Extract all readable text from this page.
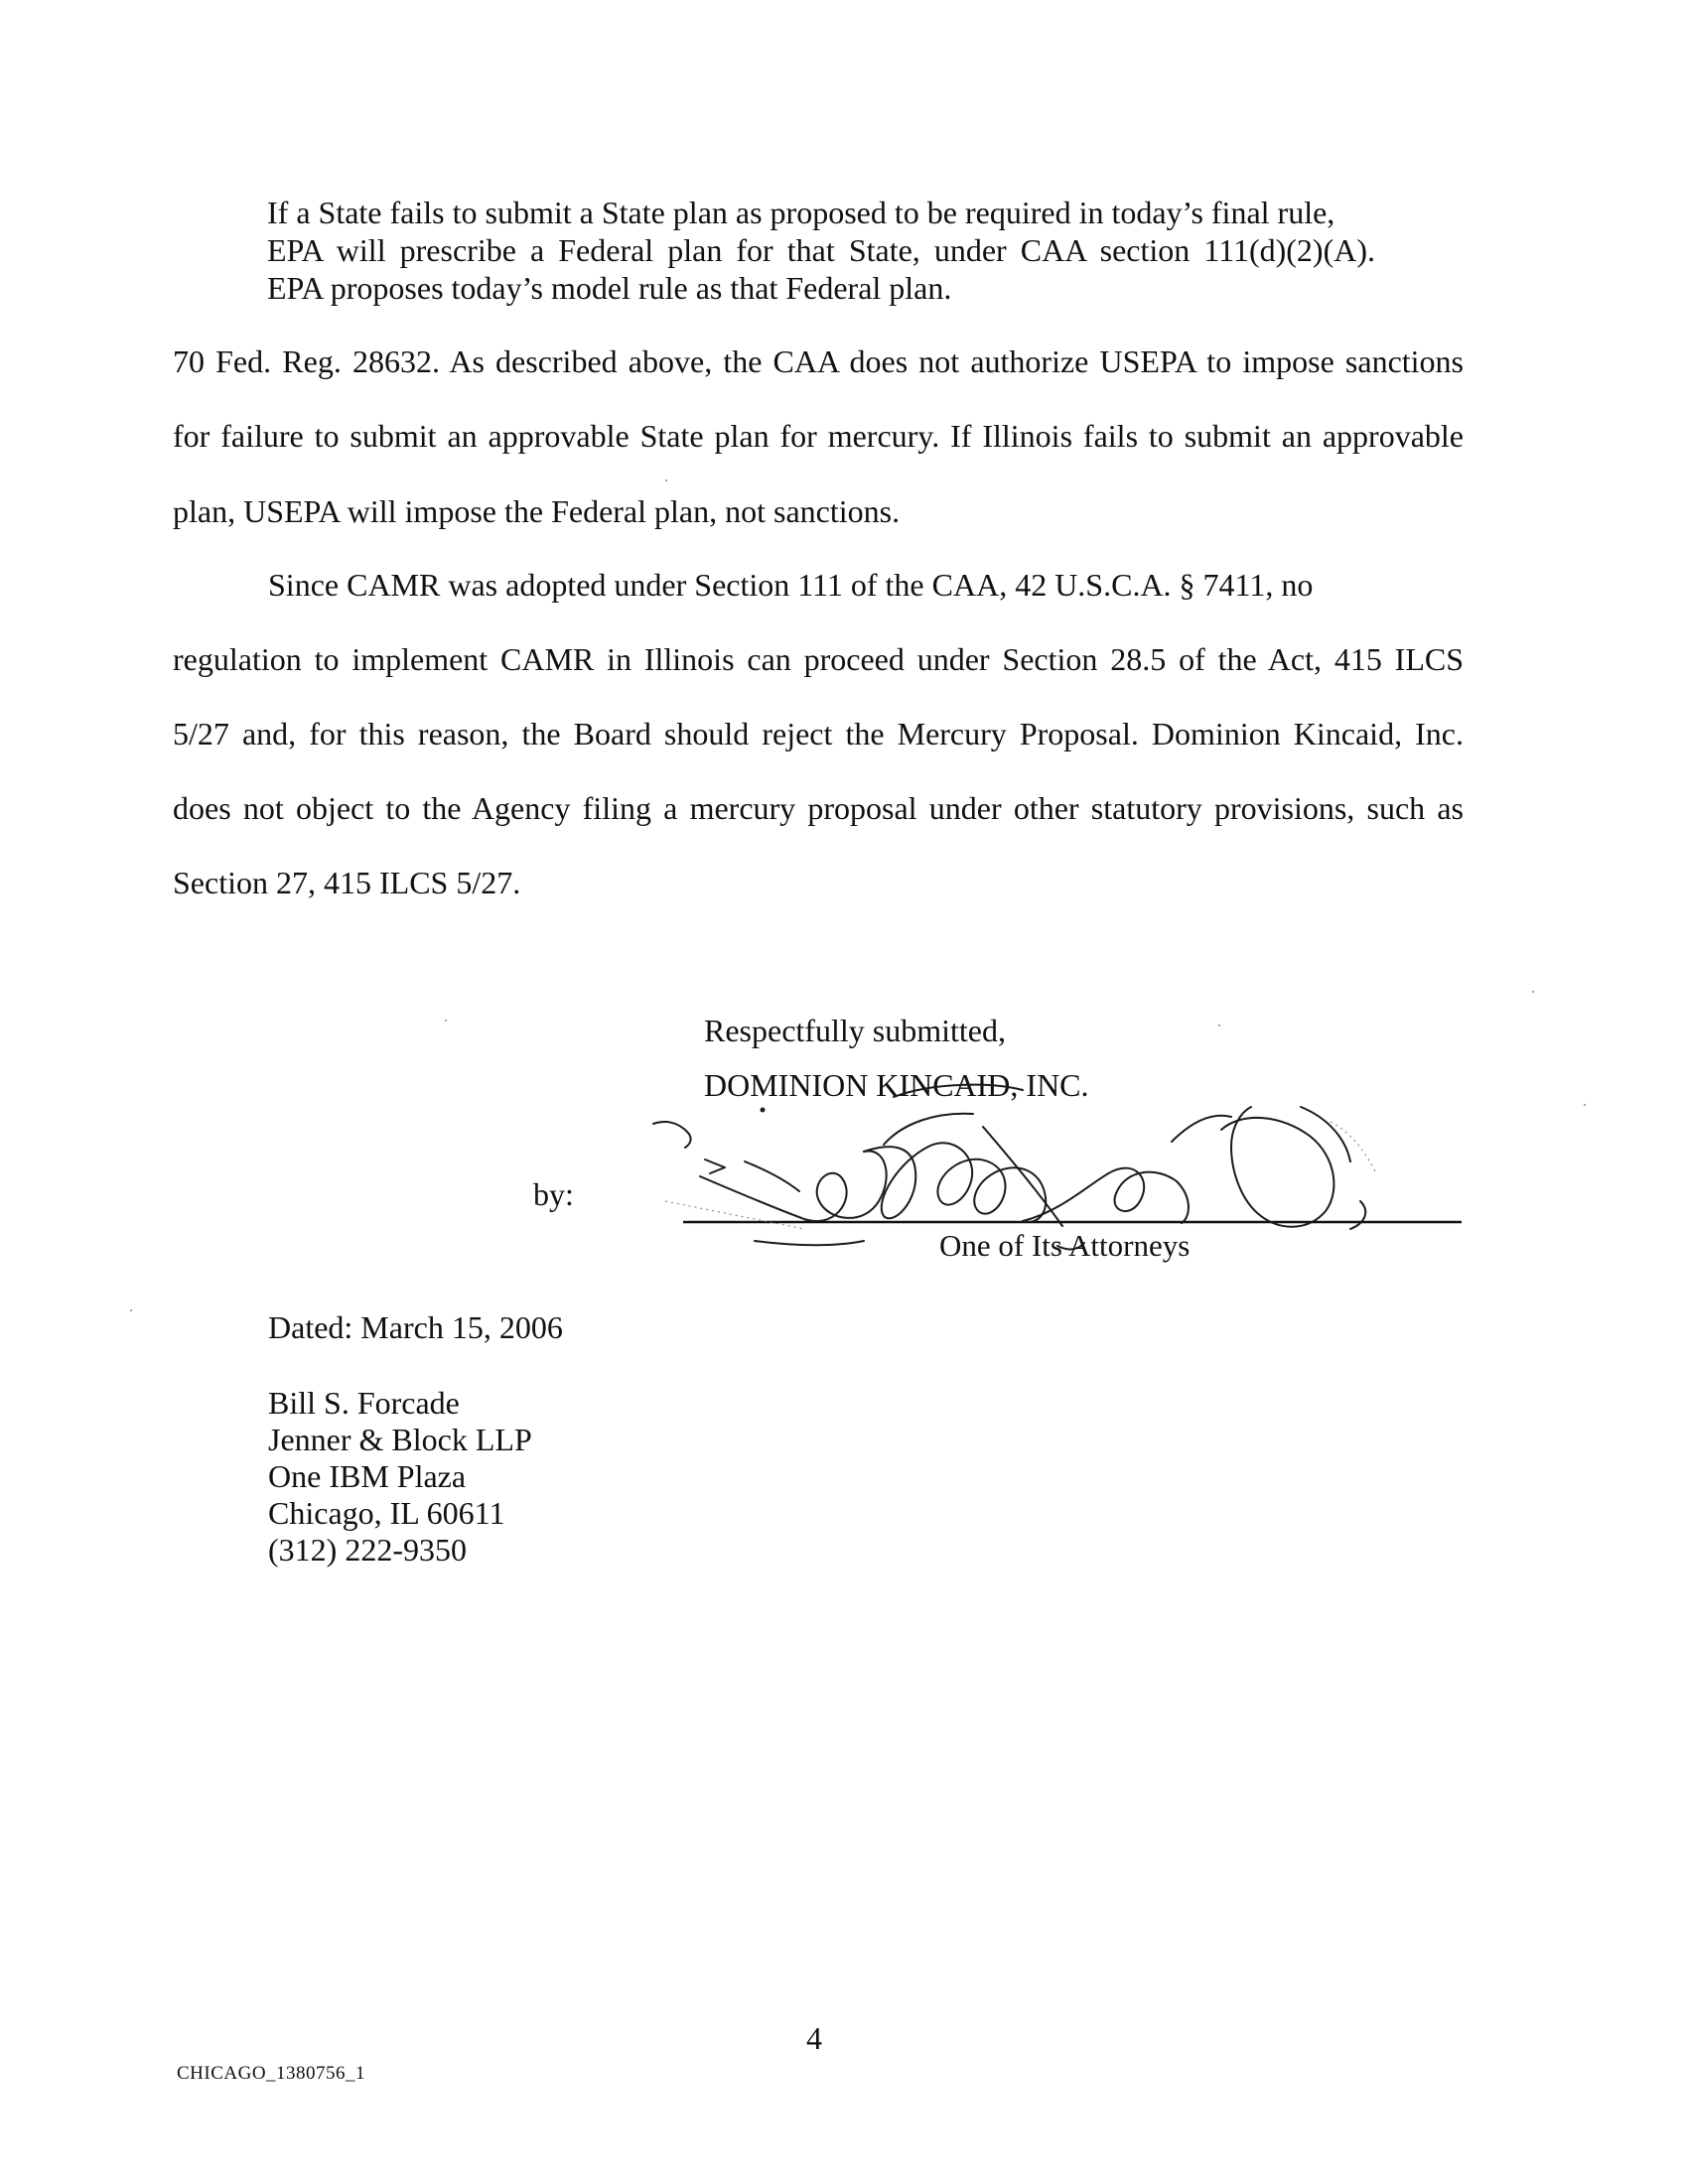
If a State fails to submit a State plan as proposed to be required in today’s final rule,
EPA will prescribe a Federal plan for that State, under CAA section 111(d)(2)(A).
EPA proposes today’s model rule as that Federal plan.
70 Fed. Reg. 28632. As described above, the CAA does not authorize USEPA to impose sanctions
for failure to submit an approvable State plan for mercury. If Illinois fails to submit an approvable
plan, USEPA will impose the Federal plan, not sanctions.
Since CAMR was adopted under Section 111 of the CAA, 42 U.S.C.A. § 7411, no
regulation to implement CAMR in Illinois can proceed under Section 28.5 of the Act, 415 ILCS
5/27 and, for this reason, the Board should reject the Mercury Proposal. Dominion Kincaid, Inc.
does not object to the Agency filing a mercury proposal under other statutory provisions, such as
Section 27, 415 ILCS 5/27.
Respectfully submitted,
DOMINION KINCAID, INC.
by:
One of Its Attorneys
Dated: March 15, 2006
Bill S. Forcade
Jenner & Block LLP
One IBM Plaza
Chicago, IL 60611
(312) 222-9350
4
CHICAGO_1380756_1
